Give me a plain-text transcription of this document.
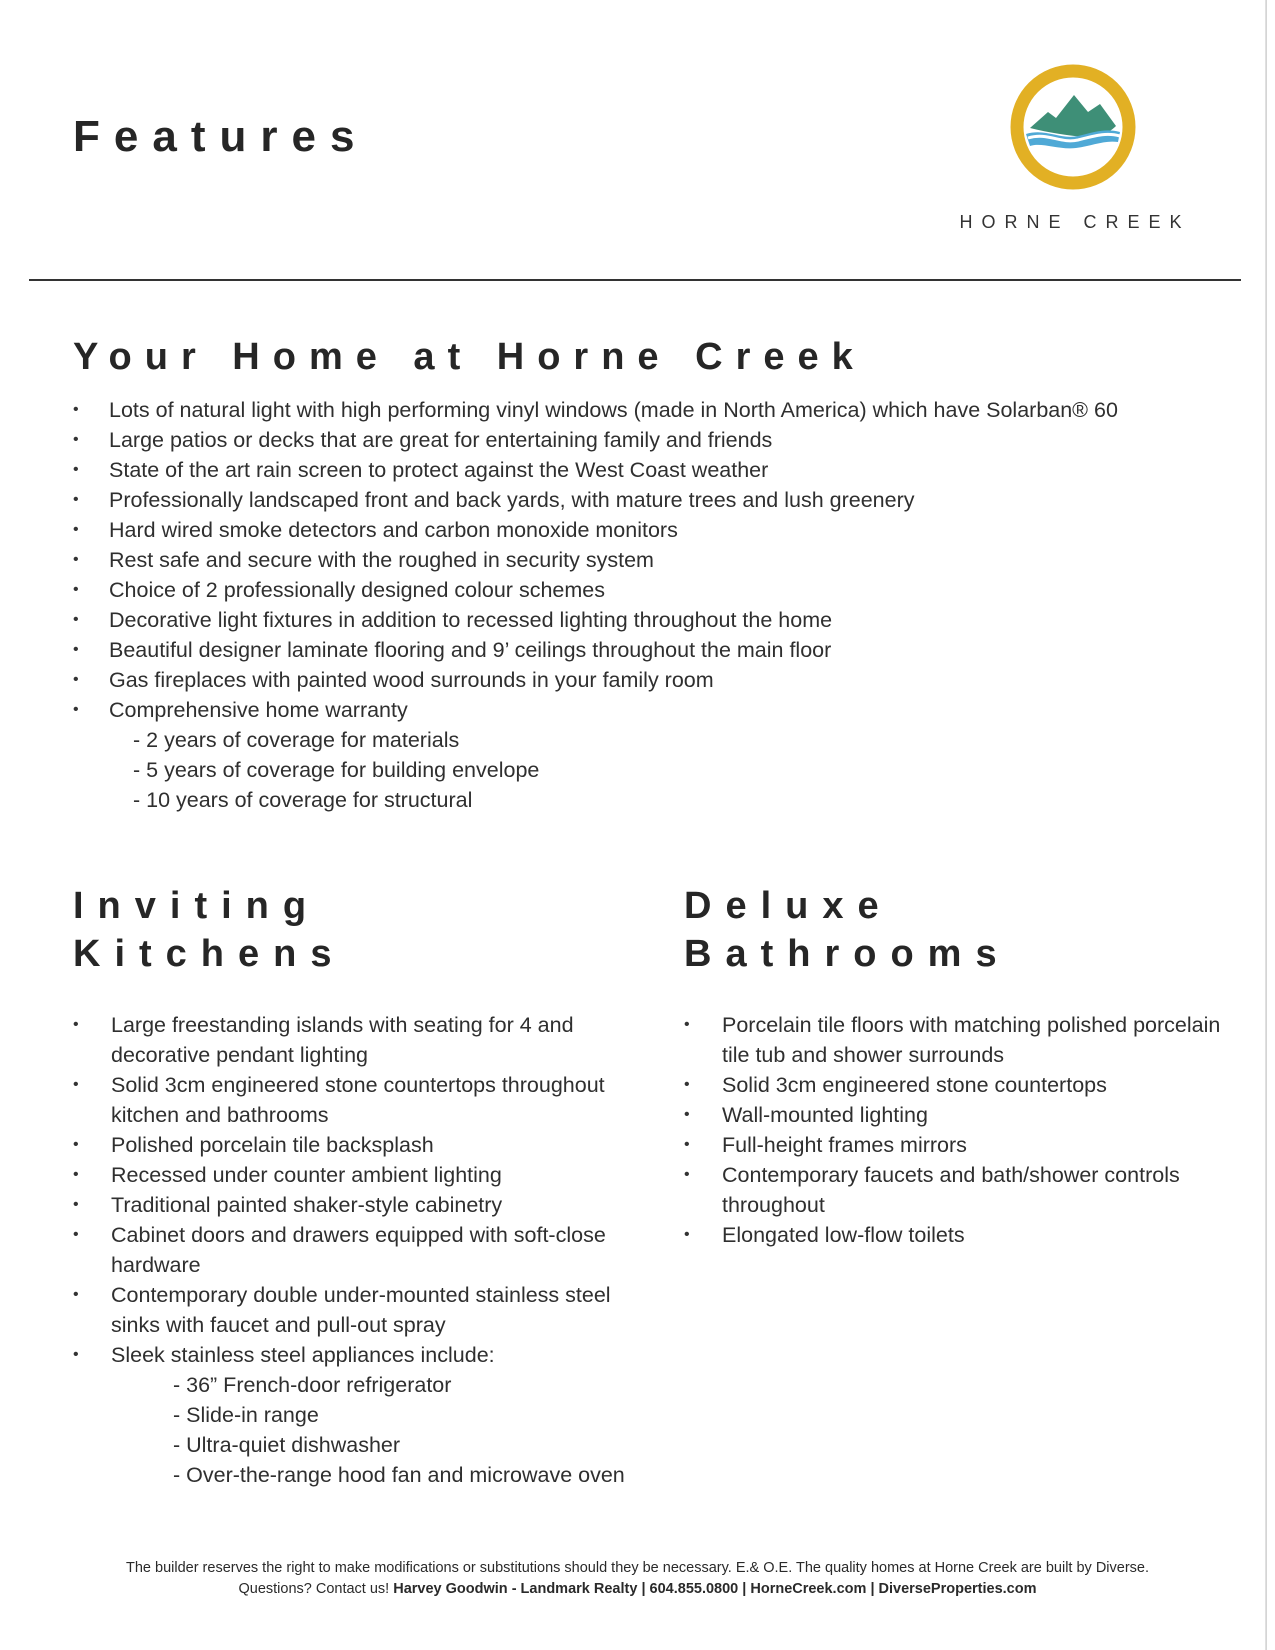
Features
HORNE CREEK
Your Home at Horne Creek
• Lots of natural light with high performing vinyl windows (made in North America) which have Solarban® 60
• Large patios or decks that are great for entertaining family and friends
• State of the art rain screen to protect against the West Coast weather
• Professionally landscaped front and back yards, with mature trees and lush greenery
• Hard wired smoke detectors and carbon monoxide monitors
• Rest safe and secure with the roughed in security system
• Choice of 2 professionally designed colour schemes
• Decorative light fixtures in addition to recessed lighting throughout the home
• Beautiful designer laminate flooring and 9’ ceilings throughout the main floor
• Gas fireplaces with painted wood surrounds in your family room
• Comprehensive home warranty
- 2 years of coverage for materials
- 5 years of coverage for building envelope
- 10 years of coverage for structural
Inviting
Kitchens
• Large freestanding islands with seating for 4 and decorative pendant lighting
• Solid 3cm engineered stone countertops throughout kitchen and bathrooms
• Polished porcelain tile backsplash
• Recessed under counter ambient lighting
• Traditional painted shaker-style cabinetry
• Cabinet doors and drawers equipped with soft-close hardware
• Contemporary double under-mounted stainless steel sinks with faucet and pull-out spray
• Sleek stainless steel appliances include:
- 36” French-door refrigerator
- Slide-in range
- Ultra-quiet dishwasher
- Over-the-range hood fan and microwave oven
Deluxe
Bathrooms
• Porcelain tile floors with matching polished porcelain tile tub and shower surrounds
• Solid 3cm engineered stone countertops
• Wall-mounted lighting
• Full-height frames mirrors
• Contemporary faucets and bath/shower controls throughout
• Elongated low-flow toilets
The builder reserves the right to make modifications or substitutions should they be necessary. E.& O.E. The quality homes at Horne Creek are built by Diverse.
Questions? Contact us! Harvey Goodwin - Landmark Realty | 604.855.0800 | HorneCreek.com | DiverseProperties.com
